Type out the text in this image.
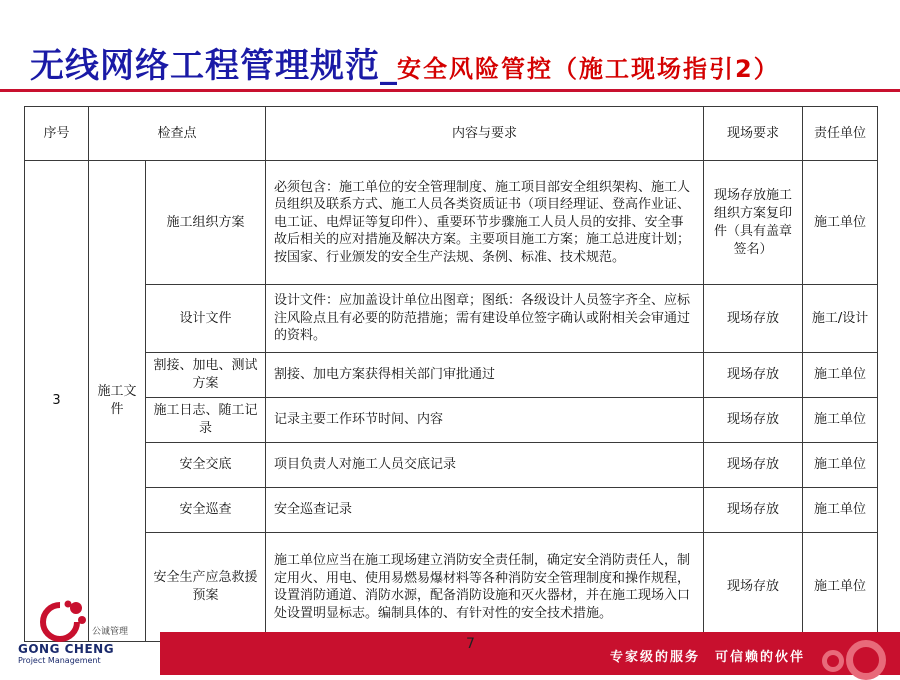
无线网络工程管理规范 _ 安全风险管控（施工现场指引2）
序号	检查点		内容与要求	现场要求	责任单位
3	施工文件	施工组织方案	必须包含：施工单位的安全管理制度、施工项目部安全组织架构、施工人员组织及联系方式、施工人员各类资质证书（项目经理证、登高作业证、电工证、电焊证等复印件）、重要环节步骤施工人员人员的安排、安全事故后相关的应对措施及解决方案。主要项目施工方案；施工总进度计划；按国家、行业颁发的安全生产法规、条例、标准、技术规范。	现场存放施工组织方案复印件（具有盖章签名）	施工单位
		设计文件	设计文件：应加盖设计单位出图章；图纸：各级设计人员签字齐全、应标注风险点且有必要的防范措施；需有建设单位签字确认或附相关会审通过的资料。	现场存放	施工/设计
		割接、加电、测试方案	割接、加电方案获得相关部门审批通过	现场存放	施工单位
		施工日志、随工记录	记录主要工作环节时间、内容	现场存放	施工单位
		安全交底	项目负责人对施工人员交底记录	现场存放	施工单位
		安全巡查	安全巡查记录	现场存放	施工单位
		安全生产应急救援预案	施工单位应当在施工现场建立消防安全责任制，确定安全消防责任人，制定用火、用电、使用易燃易爆材料等各种消防安全管理制度和操作规程，设置消防通道、消防水源，配备消防设施和灭火器材，并在施工现场入口处设置明显标志。编制具体的、有针对性的安全技术措施。	现场存放	施工单位
专家级的服务　可信赖的伙伴
7
公诚管理
GONG CHENG
Project Management
